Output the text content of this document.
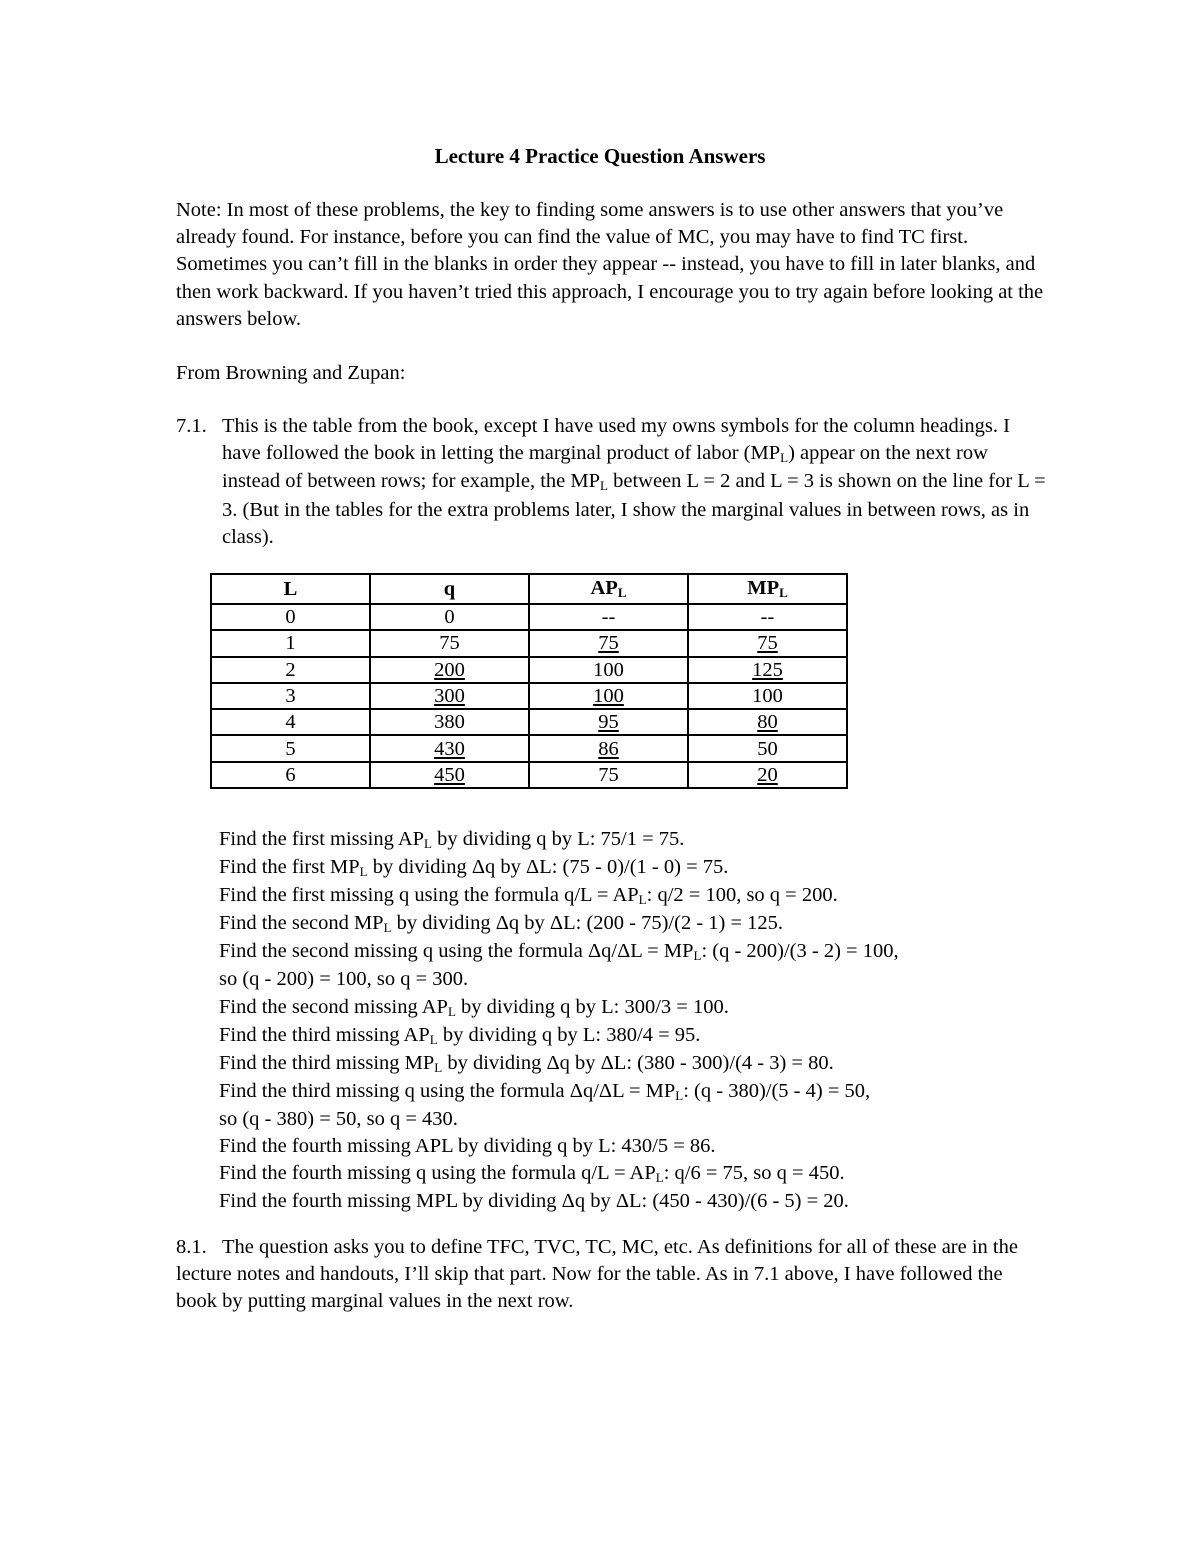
Lecture 4 Practice Question Answers
Note: In most of these problems, the key to finding some answers is to use other answers that you’ve already found. For instance, before you can find the value of MC, you may have to find TC first. Sometimes you can’t fill in the blanks in order they appear -- instead, you have to fill in later blanks, and then work backward. If you haven’t tried this approach, I encourage you to try again before looking at the answers below.
From Browning and Zupan:
7.1. This is the table from the book, except I have used my owns symbols for the column headings. I have followed the book in letting the marginal product of labor $(MP_L)$ appear on the next row instead of between rows; for example, the $MP_L$ between L = 2 and L = 3 is shown on the line for L = 3. (But in the tables for the extra problems later, I show the marginal values in between rows, as in class).
L	q	$AP_L$	$MP_L$
0	0	--	--
1	75	75	75
2	200	100	125
3	300	100	100
4	380	95	80
5	430	86	50
6	450	75	20
Find the first missing $AP_L$ by dividing q by L: 75/1 = 75.
Find the first $MP_L$ by dividing Δq by ΔL: (75 - 0)/(1 - 0) = 75.
Find the first missing q using the formula $q/L = AP_L$: q/2 = 100, so q = 200.
Find the second $MP_L$ by dividing Δq by ΔL: (200 - 75)/(2 - 1) = 125.
Find the second missing q using the formula $\Delta q/\Delta L = MP_L$: (q - 200)/(3 - 2) = 100,
so (q - 200) = 100, so q = 300.
Find the second missing $AP_L$ by dividing q by L: 300/3 = 100.
Find the third missing $AP_L$ by dividing q by L: 380/4 = 95.
Find the third missing $MP_L$ by dividing Δq by ΔL: (380 - 300)/(4 - 3) = 80.
Find the third missing q using the formula $\Delta q/\Delta L = MP_L$: (q - 380)/(5 - 4) = 50,
so (q - 380) = 50, so q = 430.
Find the fourth missing APL by dividing q by L: 430/5 = 86.
Find the fourth missing q using the formula $q/L = AP_L$: q/6 = 75, so q = 450.
Find the fourth missing MPL by dividing Δq by ΔL: (450 - 430)/(6 - 5) = 20.
8.1. The question asks you to define TFC, TVC, TC, MC, etc. As definitions for all of these are in the lecture notes and handouts, I’ll skip that part. Now for the table. As in 7.1 above, I have followed the book by putting marginal values in the next row.
